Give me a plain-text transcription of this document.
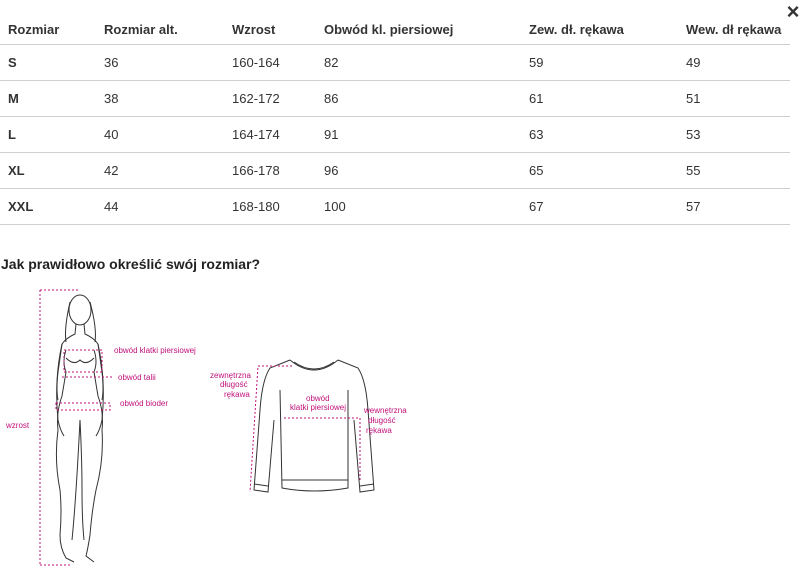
×
Rozmiar	Rozmiar alt.	Wzrost	Obwód kl. piersiowej	Zew. dł. rękawa	Wew. dł rękawa
S	36	160-164	82	59	49
M	38	162-172	86	61	51
L	40	164-174	91	63	53
XL	42	166-178	96	65	55
XXL	44	168-180	100	67	57
Jak prawidłowo określić swój rozmiar?
obwód klatki piersiowej
obwód talii
obwód bioder
wzrost
zewnętrzna
długość
rękawa	obwód
klatki piersiowej wewnętrzna
długość
rękawa
